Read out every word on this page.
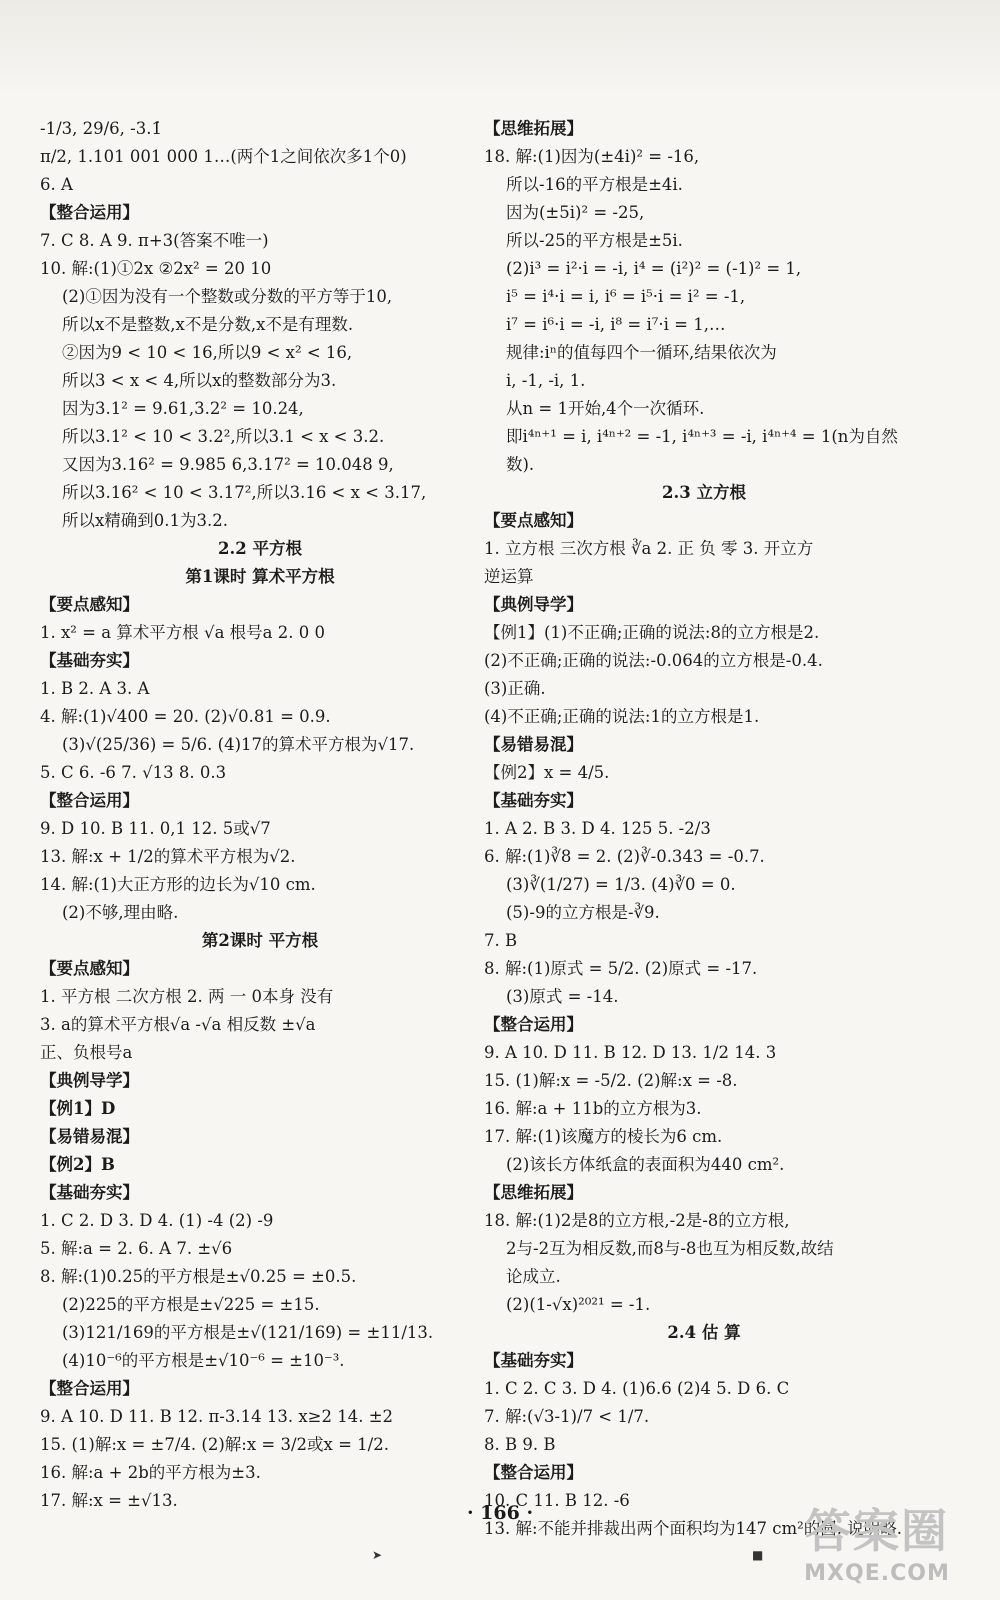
-1/3, 29/6, -3.1̇
π/2, 1.101 001 000 1…(两个1之间依次多1个0)
6. A
【整合运用】
7. C 8. A 9. π+3(答案不唯一)
10. 解:(1)①2x ②2x² = 20 10
(2)①因为没有一个整数或分数的平方等于10,
所以x不是整数,x不是分数,x不是有理数.
②因为9 < 10 < 16,所以9 < x² < 16,
所以3 < x < 4,所以x的整数部分为3.
因为3.1² = 9.61,3.2² = 10.24,
所以3.1² < 10 < 3.2²,所以3.1 < x < 3.2.
又因为3.16² = 9.985 6,3.17² = 10.048 9,
所以3.16² < 10 < 3.17²,所以3.16 < x < 3.17,
所以x精确到0.1为3.2.
2.2 平方根
第1课时 算术平方根
【要点感知】
1. x² = a 算术平方根 √a 根号a 2. 0 0
【基础夯实】
1. B 2. A 3. A
4. 解:(1)√400 = 20. (2)√0.81 = 0.9.
(3)√(25/36) = 5/6. (4)17的算术平方根为√17.
5. C 6. -6 7. √13 8. 0.3
【整合运用】
9. D 10. B 11. 0,1 12. 5或√7
13. 解:x + 1/2的算术平方根为√2.
14. 解:(1)大正方形的边长为√10 cm.
(2)不够,理由略.
第2课时 平方根
【要点感知】
1. 平方根 二次方根 2. 两 一 0本身 没有
3. a的算术平方根√a -√a 相反数 ±√a
正、负根号a
【典例导学】
【例1】D
【易错易混】
【例2】B
【基础夯实】
1. C 2. D 3. D 4. (1) -4 (2) -9
5. 解:a = 2. 6. A 7. ±√6
8. 解:(1)0.25的平方根是±√0.25 = ±0.5.
(2)225的平方根是±√225 = ±15.
(3)121/169的平方根是±√(121/169) = ±11/13.
(4)10⁻⁶的平方根是±√10⁻⁶ = ±10⁻³.
【整合运用】
9. A 10. D 11. B 12. π-3.14 13. x≥2 14. ±2
15. (1)解:x = ±7/4. (2)解:x = 3/2或x = 1/2.
16. 解:a + 2b的平方根为±3.
17. 解:x = ±√13.
【思维拓展】
18. 解:(1)因为(±4i)² = -16,
所以-16的平方根是±4i.
因为(±5i)² = -25,
所以-25的平方根是±5i.
(2)i³ = i²·i = -i, i⁴ = (i²)² = (-1)² = 1,
i⁵ = i⁴·i = i, i⁶ = i⁵·i = i² = -1,
i⁷ = i⁶·i = -i, i⁸ = i⁷·i = 1,…
规律:iⁿ的值每四个一循环,结果依次为
i, -1, -i, 1.
从n = 1开始,4个一次循环.
即i⁴ⁿ⁺¹ = i, i⁴ⁿ⁺² = -1, i⁴ⁿ⁺³ = -i, i⁴ⁿ⁺⁴ = 1(n为自然
数).
2.3 立方根
【要点感知】
1. 立方根 三次方根 ∛a 2. 正 负 零 3. 开立方
逆运算
【典例导学】
【例1】(1)不正确;正确的说法:8的立方根是2.
(2)不正确;正确的说法:-0.064的立方根是-0.4.
(3)正确.
(4)不正确;正确的说法:1的立方根是1.
【易错易混】
【例2】x = 4/5.
【基础夯实】
1. A 2. B 3. D 4. 125 5. -2/3
6. 解:(1)∛8 = 2. (2)∛-0.343 = -0.7.
(3)∛(1/27) = 1/3. (4)∛0 = 0.
(5)-9的立方根是-∛9.
7. B
8. 解:(1)原式 = 5/2. (2)原式 = -17.
(3)原式 = -14.
【整合运用】
9. A 10. D 11. B 12. D 13. 1/2 14. 3
15. (1)解:x = -5/2. (2)解:x = -8.
16. 解:a + 11b的立方根为3.
17. 解:(1)该魔方的棱长为6 cm.
(2)该长方体纸盒的表面积为440 cm².
【思维拓展】
18. 解:(1)2是8的立方根,-2是-8的立方根,
2与-2互为相反数,而8与-8也互为相反数,故结
论成立.
(2)(1-√x)²⁰²¹ = -1.
2.4 估 算
【基础夯实】
1. C 2. C 3. D 4. (1)6.6 (2)4 5. D 6. C
7. 解:(√3-1)/7 < 1/7.
8. B 9. B
【整合运用】
10. C 11. B 12. -6
13. 解:不能并排裁出两个面积均为147 cm²的圆. 说明略.
· 166 ·
➤	■ 答案圈
MXQE.COM
